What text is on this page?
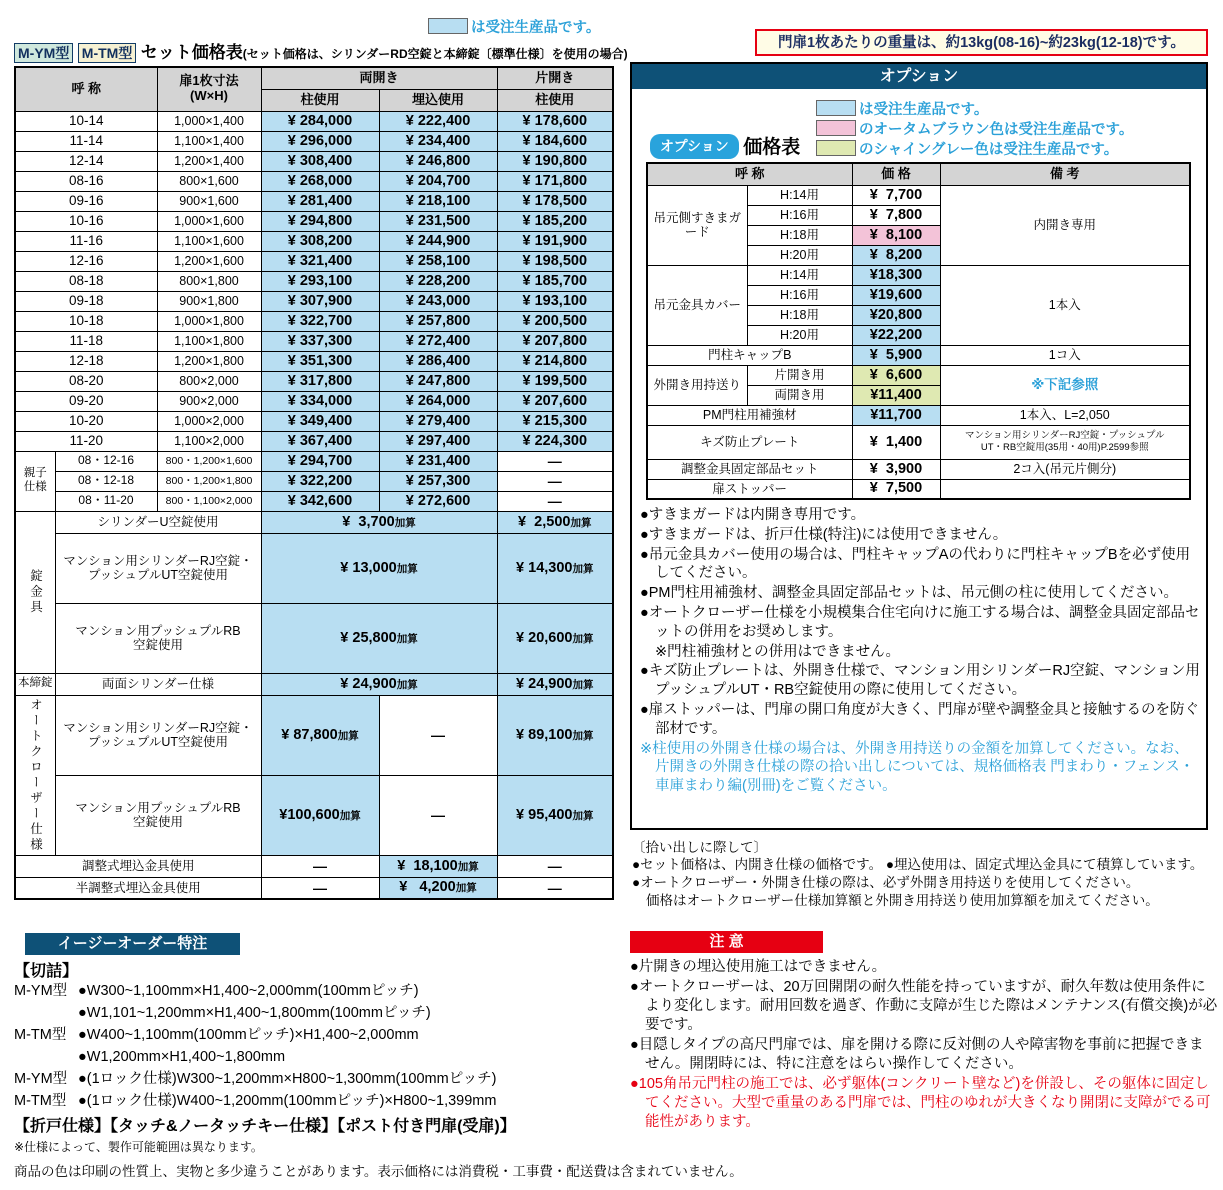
は受注生産品です。
M-YM型 M-TM型 セット価格表(セット価格は、シリンダーRD空錠と本締錠〔標準仕様〕を使用の場合)
呼 称		扉1枚寸法
(W×H)	両開き		片開き
			柱使用	埋込使用	柱使用
10-14		1,000×1,400	¥ 284,000	¥ 222,400	¥ 178,600
11-14		1,100×1,400	¥ 296,000	¥ 234,400	¥ 184,600
12-14		1,200×1,400	¥ 308,400	¥ 246,800	¥ 190,800
08-16		800×1,600	¥ 268,000	¥ 204,700	¥ 171,800
09-16		900×1,600	¥ 281,400	¥ 218,100	¥ 178,500
10-16		1,000×1,600	¥ 294,800	¥ 231,500	¥ 185,200
11-16		1,100×1,600	¥ 308,200	¥ 244,900	¥ 191,900
12-16		1,200×1,600	¥ 321,400	¥ 258,100	¥ 198,500
08-18		800×1,800	¥ 293,100	¥ 228,200	¥ 185,700
09-18		900×1,800	¥ 307,900	¥ 243,000	¥ 193,100
10-18		1,000×1,800	¥ 322,700	¥ 257,800	¥ 200,500
11-18		1,100×1,800	¥ 337,300	¥ 272,400	¥ 207,800
12-18		1,200×1,800	¥ 351,300	¥ 286,400	¥ 214,800
08-20		800×2,000	¥ 317,800	¥ 247,800	¥ 199,500
09-20		900×2,000	¥ 334,000	¥ 264,000	¥ 207,600
10-20		1,000×2,000	¥ 349,400	¥ 279,400	¥ 215,300
11-20		1,100×2,000	¥ 367,400	¥ 297,400	¥ 224,300
親子
仕様	08・12-16	800・1,200×1,600	¥ 294,700	¥ 231,400	—
	08・12-18	800・1,200×1,800	¥ 322,200	¥ 257,300	—
	08・11-20	800・1,100×2,000	¥ 342,600	¥ 272,600	—
錠金具	シリンダーU空錠使用		¥  3,700加算		¥  2,500加算
	マンション用シリンダーRJ空錠・
プッシュプルUT空錠使用		¥ 13,000加算		¥ 14,300加算
	マンション用プッシュプルRB
空錠使用		¥ 25,800加算		¥ 20,600加算
本締錠	両面シリンダー仕様		¥ 24,900加算		¥ 24,900加算
オートクローザー仕様	マンション用シリンダーRJ空錠・
プッシュプルUT空錠使用		¥ 87,800加算	—	¥ 89,100加算
	マンション用プッシュプルRB
空錠使用		¥100,600加算	—	¥ 95,400加算
調整式埋込金具使用			—	¥  18,100加算	—
半調整式埋込金具使用			—	¥   4,200加算	—
門扉1枚あたりの重量は、約13kg(08-16)~約23kg(12-18)です。
オプション
は受注生産品です。
のオータムブラウン色は受注生産品です。
のシャイングレー色は受注生産品です。
オプション 価格表
呼 称		価 格	備 考
吊元側すきまガード	H:14用	¥  7,700	内開き専用
	H:16用	¥  7,800	
	H:18用	¥  8,100	
	H:20用	¥  8,200	
吊元金具カバー	H:14用	¥18,300	1本入
	H:16用	¥19,600	
	H:18用	¥20,800	
	H:20用	¥22,200	
門柱キャップB		¥  5,900	1コ入
外開き用持送り	片開き用	¥  6,600	※下記参照
	両開き用	¥11,400	
PM門柱用補強材		¥11,700	1本入、L=2,050
キズ防止プレート		¥  1,400	マンション用シリンダーRJ空錠・プッシュプル
UT・RB空錠用(35用・40用)P.2599参照
調整金具固定部品セット		¥  3,900	2コ入(吊元片側分)
扉ストッパー		¥  7,500	
●すきまガードは内開き専用です。
●すきまガードは、折戸仕様(特注)には使用できません。
●吊元金具カバー使用の場合は、門柱キャップAの代わりに門柱キャップBを必ず使用してください。
●PM門柱用補強材、調整金具固定部品セットは、吊元側の柱に使用してください。
●オートクローザー仕様を小規模集合住宅向けに施工する場合は、調整金具固定部品セットの併用をお奨めします。
※門柱補強材との併用はできません。
●キズ防止プレートは、外開き仕様で、マンション用シリンダーRJ空錠、マンション用プッシュプルUT・RB空錠使用の際に使用してください。
●扉ストッパーは、門扉の開口角度が大きく、門扉が壁や調整金具と接触するのを防ぐ部材です。
※柱使用の外開き仕様の場合は、外開き用持送りの金額を加算してください。なお、片開きの外開き仕様の際の拾い出しについては、規格価格表 門まわり・フェンス・車庫まわり編(別冊)をご覧ください。
〔拾い出しに際して〕
●セット価格は、内開き仕様の価格です。 ●埋込使用は、固定式埋込金具にて積算しています。
●オートクローザー・外開き仕様の際は、必ず外開き用持送りを使用してください。
価格はオートクローザー仕様加算額と外開き用持送り使用加算額を加えてください。
注 意
●片開きの埋込使用施工はできません。
●オートクローザーは、20万回開閉の耐久性能を持っていますが、耐久年数は使用条件により変化します。耐用回数を過ぎ、作動に支障が生じた際はメンテナンス(有償交換)が必要です。
●目隠しタイプの高尺門扉では、扉を開ける際に反対側の人や障害物を事前に把握できません。開閉時には、特に注意をはらい操作してください。
●105角吊元門柱の施工では、必ず躯体(コンクリート壁など)を併設し、その躯体に固定してください。大型で重量のある門扉では、門柱のゆれが大きくなり開閉に支障がでる可能性があります。
イージーオーダー特注
【切詰】
M-YM型 ●W300~1,100mm×H1,400~2,000mm(100mmピッチ)
●W1,101~1,200mm×H1,400~1,800mm(100mmピッチ)
M-TM型 ●W400~1,100mm(100mmピッチ)×H1,400~2,000mm
●W1,200mm×H1,400~1,800mm
M-YM型 ●(1ロック仕様)W300~1,200mm×H800~1,300mm(100mmピッチ)
M-TM型 ●(1ロック仕様)W400~1,200mm(100mmピッチ)×H800~1,399mm
【折戸仕様】【タッチ&ノータッチキー仕様】【ポスト付き門扉(受扉)】
※仕様によって、製作可能範囲は異なります。
商品の色は印刷の性質上、実物と多少違うことがあります。表示価格には消費税・工事費・配送費は含まれていません。
